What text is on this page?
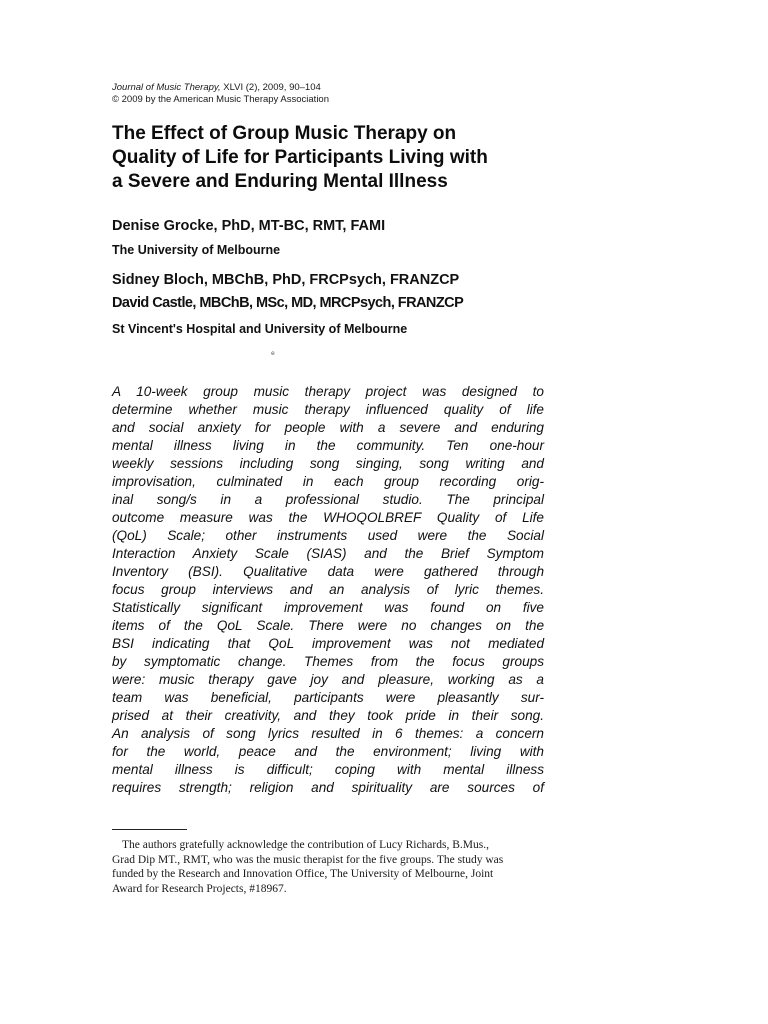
Journal of Music Therapy, XLVI (2), 2009, 90–104
© 2009 by the American Music Therapy Association
The Effect of Group Music Therapy on
Quality of Life for Participants Living with
a Severe and Enduring Mental Illness
Denise Grocke, PhD, MT-BC, RMT, FAMI
The University of Melbourne
Sidney Bloch, MBChB, PhD, FRCPsych, FRANZCP
David Castle, MBChB, MSc, MD, MRCPsych, FRANZCP
St Vincent's Hospital and University of Melbourne
e
A 10-week group music therapy project was designed to
determine whether music therapy influenced quality of life
and social anxiety for people with a severe and enduring
mental illness living in the community. Ten one-hour
weekly sessions including song singing, song writing and
improvisation, culminated in each group recording orig-
inal song/s in a professional studio. The principal
outcome measure was the WHOQOLBREF Quality of Life
(QoL) Scale; other instruments used were the Social
Interaction Anxiety Scale (SIAS) and the Brief Symptom
Inventory (BSI). Qualitative data were gathered through
focus group interviews and an analysis of lyric themes.
Statistically significant improvement was found on five
items of the QoL Scale. There were no changes on the
BSI indicating that QoL improvement was not mediated
by symptomatic change. Themes from the focus groups
were: music therapy gave joy and pleasure, working as a
team was beneficial, participants were pleasantly sur-
prised at their creativity, and they took pride in their song.
An analysis of song lyrics resulted in 6 themes: a concern
for the world, peace and the environment; living with
mental illness is difficult; coping with mental illness
requires strength; religion and spirituality are sources of
The authors gratefully acknowledge the contribution of Lucy Richards, B.Mus.,
Grad Dip MT., RMT, who was the music therapist for the five groups. The study was
funded by the Research and Innovation Office, The University of Melbourne, Joint
Award for Research Projects, #18967.
